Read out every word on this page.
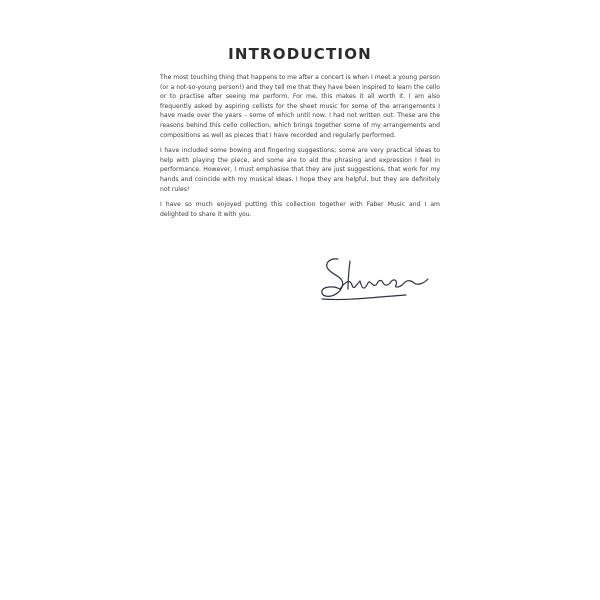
INTRODUCTION

The most touching thing that happens to me after a concert is when I meet a young person (or a not-so-young person!) and they tell me that they have been inspired to learn the cello or to practise after seeing me perform. For me, this makes it all worth it. I am also frequently asked by aspiring cellists for the sheet music for some of the arrangements I have made over the years – some of which until now, I had not written out. These are the reasons behind this cello collection, which brings together some of my arrangements and compositions as well as pieces that I have recorded and regularly performed.

I have included some bowing and fingering suggestions; some are very practical ideas to help with playing the piece, and some are to aid the phrasing and expression I feel in performance. However, I must emphasise that they are just suggestions, that work for my hands and coincide with my musical ideas. I hope they are helpful, but they are definitely not rules!

I have so much enjoyed putting this collection together with Faber Music and I am delighted to share it with you.
